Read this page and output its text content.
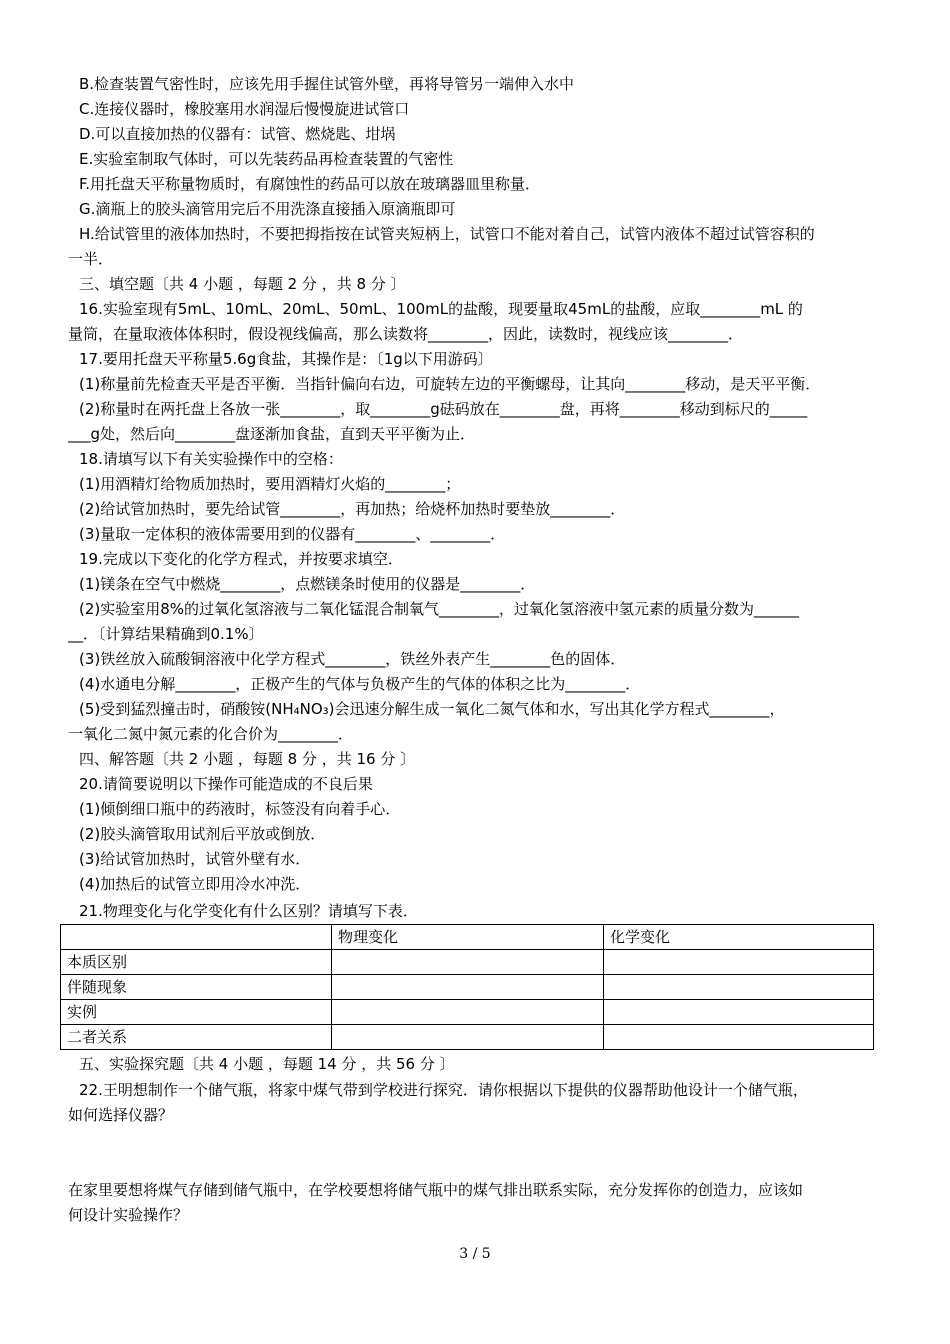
B.检查装置气密性时，应该先用手握住试管外壁，再将导管另一端伸入水中
C.连接仪器时，橡胶塞用水润湿后慢慢旋进试管口
D.可以直接加热的仪器有：试管、燃烧匙、坩埚
E.实验室制取气体时，可以先装药品再检查装置的气密性
F.用托盘天平称量物质时，有腐蚀性的药品可以放在玻璃器皿里称量．
G.滴瓶上的胶头滴管用完后不用洗涤直接插入原滴瓶即可
H.给试管里的液体加热时，不要把拇指按在试管夹短柄上，试管口不能对着自己，试管内液体不超过试管容积的
一半．
三、填空题〔共 4 小题 ，每题 2 分 ，共 8 分 〕
16.实验室现有5mL、10mL、20mL、50mL、100mL的盐酸，现要量取45mL的盐酸，应取________mL 的
量筒，在量取液体体积时，假设视线偏高，那么读数将________，因此，读数时，视线应该________．
17.要用托盘天平称量5.6g食盐，其操作是：〔1g以下用游码〕
(1)称量前先检查天平是否平衡．当指针偏向右边，可旋转左边的平衡螺母，让其向________移动，是天平平衡．
(2)称量时在两托盘上各放一张________，取________g砝码放在________盘，再将________移动到标尺的_____
___g处，然后向________盘逐渐加食盐，直到天平平衡为止．
18.请填写以下有关实验操作中的空格：
(1)用酒精灯给物质加热时，要用酒精灯火焰的________；
(2)给试管加热时，要先给试管________，再加热；给烧杯加热时要垫放________．
(3)量取一定体积的液体需要用到的仪器有________、________．
19.完成以下变化的化学方程式，并按要求填空．
(1)镁条在空气中燃烧________，点燃镁条时使用的仪器是________．
(2)实验室用8%的过氧化氢溶液与二氧化锰混合制氧气________，过氧化氢溶液中氢元素的质量分数为______
__．〔计算结果精确到0.1%〕
(3)铁丝放入硫酸铜溶液中化学方程式________，铁丝外表产生________色的固体．
(4)水通电分解________，正极产生的气体与负极产生的气体的体积之比为________．
(5)受到猛烈撞击时，硝酸铵(NH₄NO₃)会迅速分解生成一氧化二氮气体和水，写出其化学方程式________，
一氧化二氮中氮元素的化合价为________．
四、解答题〔共 2 小题 ，每题 8 分 ，共 16 分 〕
20.请简要说明以下操作可能造成的不良后果
(1)倾倒细口瓶中的药液时，标签没有向着手心．
(2)胶头滴管取用试剂后平放或倒放．
(3)给试管加热时，试管外壁有水．
(4)加热后的试管立即用冷水冲洗．
21.物理变化与化学变化有什么区别？请填写下表．
	物理变化	化学变化
本质区别		
伴随现象		
实例		
二者关系		
五、实验探究题〔共 4 小题 ，每题 14 分 ，共 56 分 〕
22.王明想制作一个储气瓶，将家中煤气带到学校进行探究．请你根据以下提供的仪器帮助他设计一个储气瓶，
如何选择仪器？
在家里要想将煤气存储到储气瓶中，在学校要想将储气瓶中的煤气排出联系实际，充分发挥你的创造力，应该如
何设计实验操作？
3 / 5
